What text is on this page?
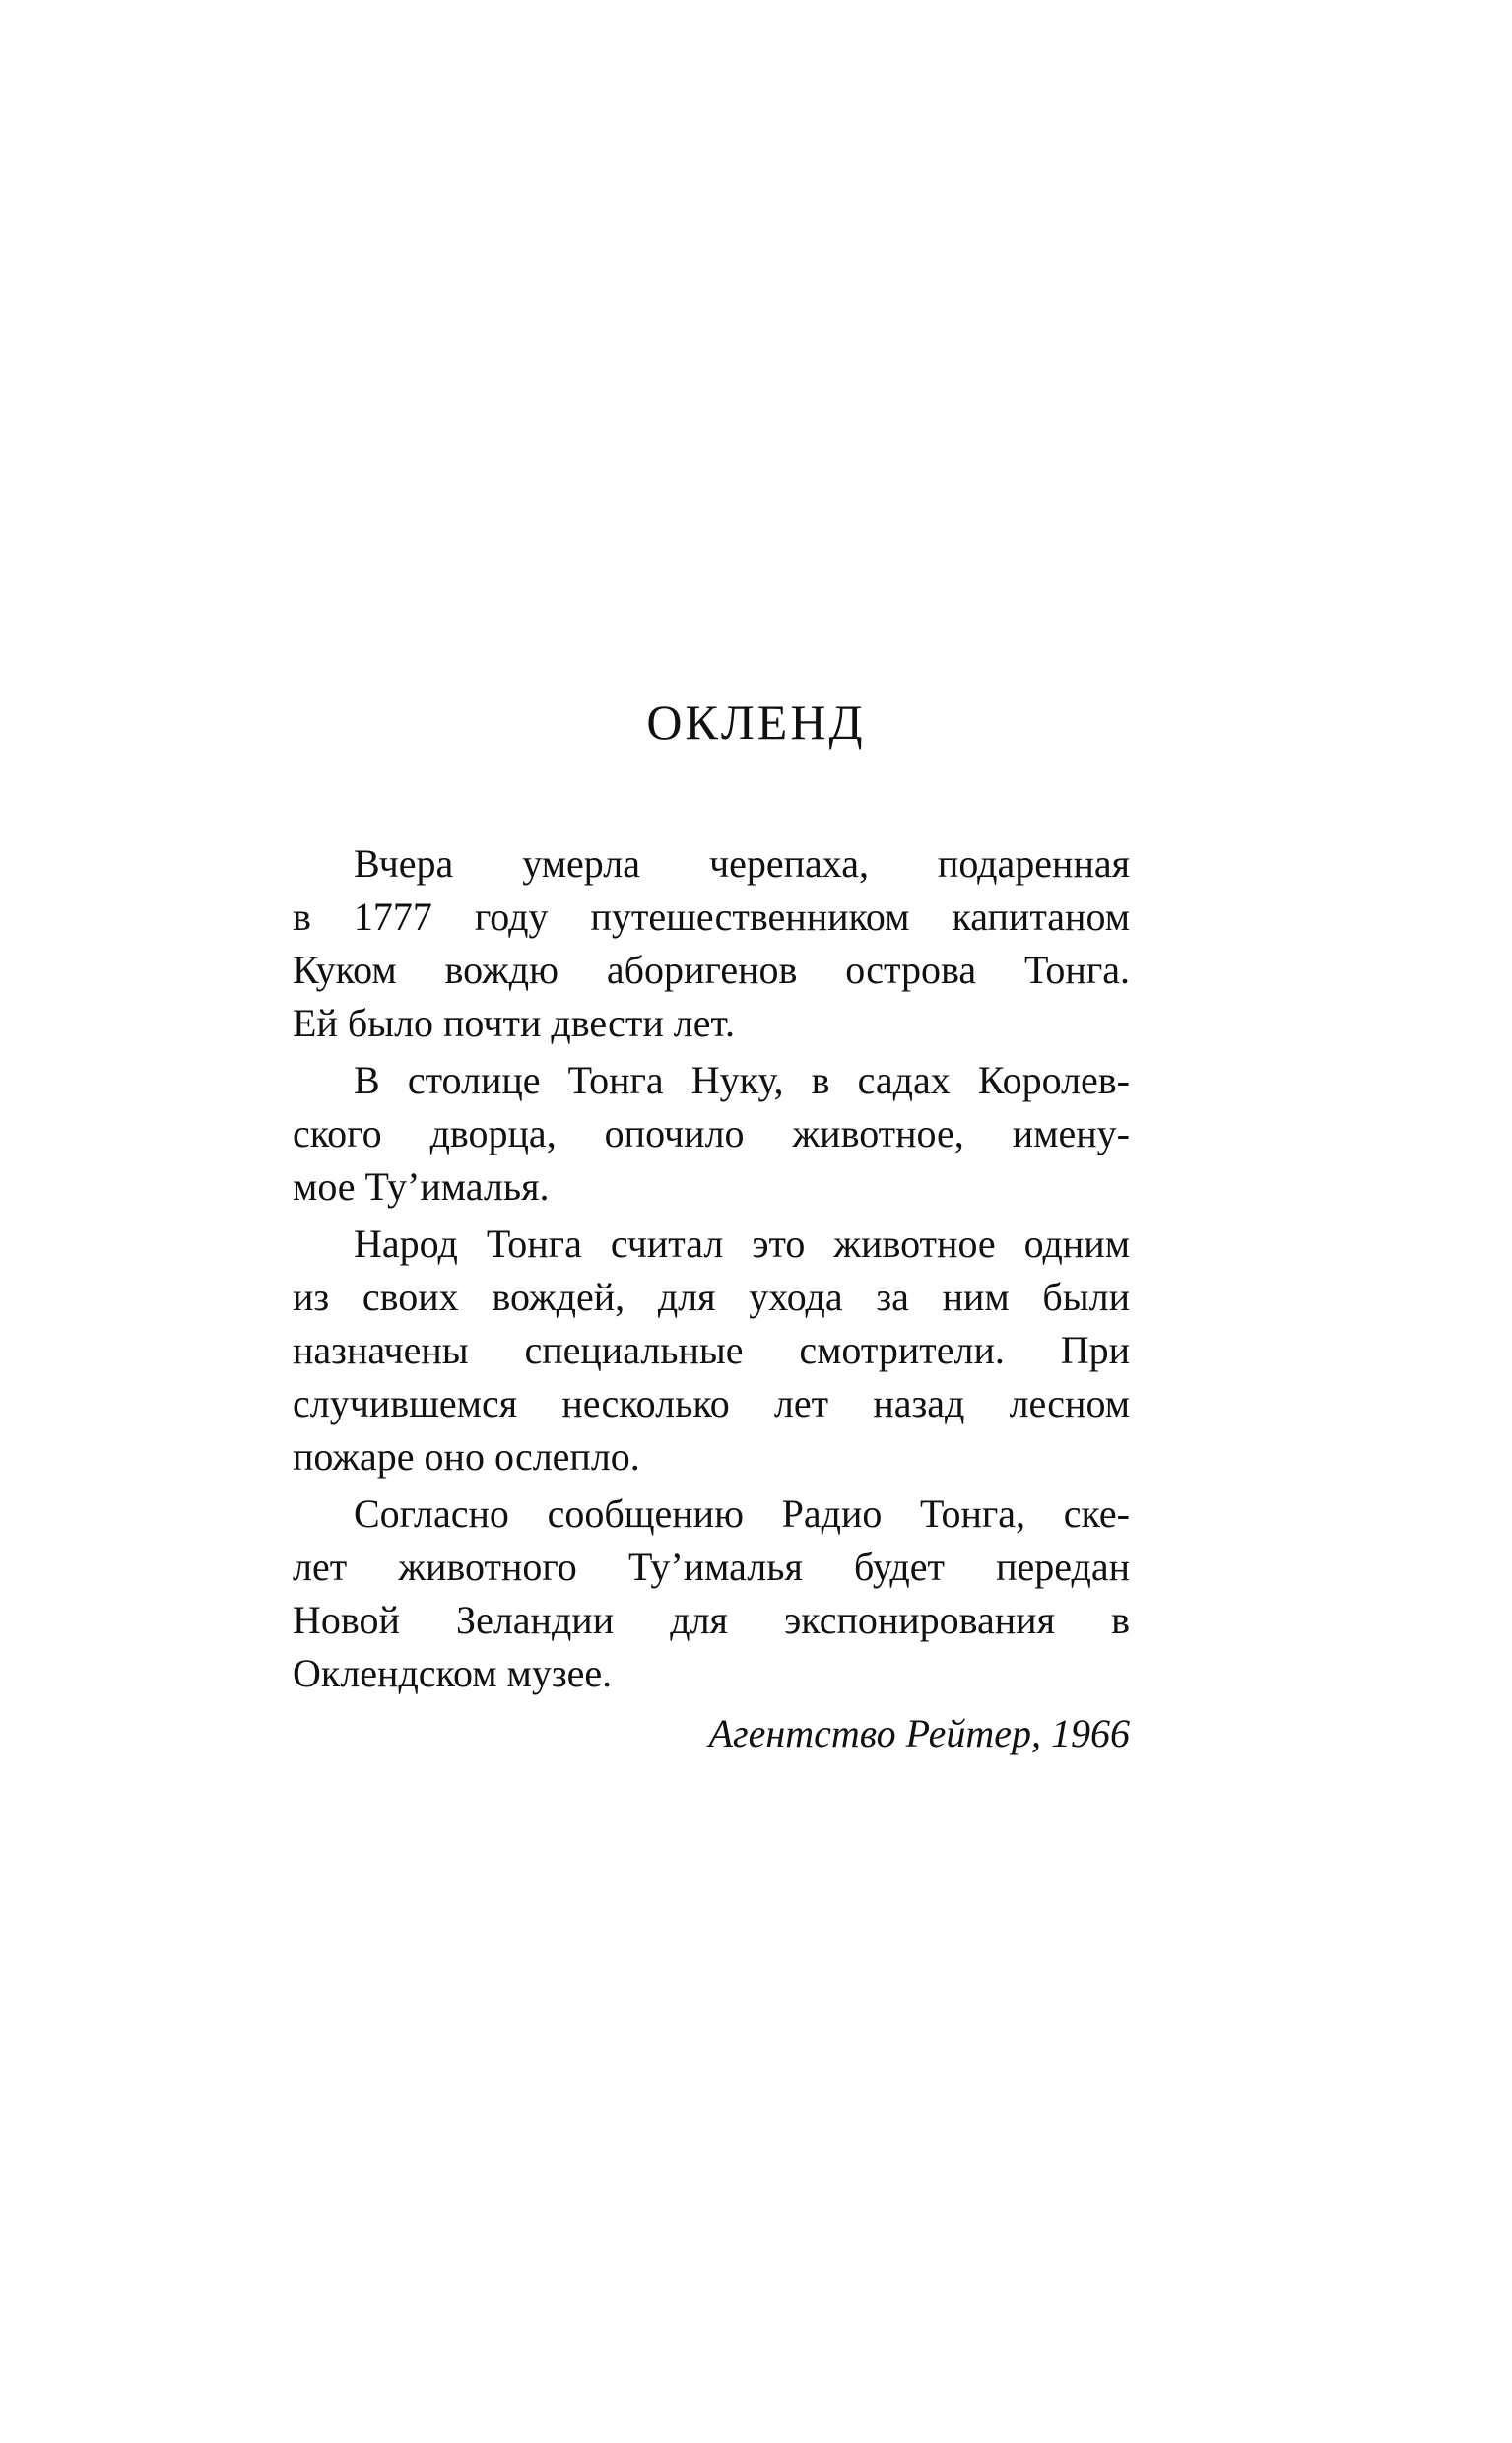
ОКЛЕНД

Вчера умерла черепаха, подаренная
в 1777 году путешественником капитаном
Куком вождю аборигенов острова Тонга.
Ей было почти двести лет.

В столице Тонга Нуку, в садах Королев-
ского дворца, опочило животное, имену-
мое Ту’ималья.

Народ Тонга считал это животное одним
из своих вождей, для ухода за ним были
назначены специальные смотрители. При
случившемся несколько лет назад лесном
пожаре оно ослепло.

Согласно сообщению Радио Тонга, ске-
лет животного Ту’ималья будет передан
Новой Зеландии для экспонирования в
Оклендском музее.

Агентство Рейтер, 1966
